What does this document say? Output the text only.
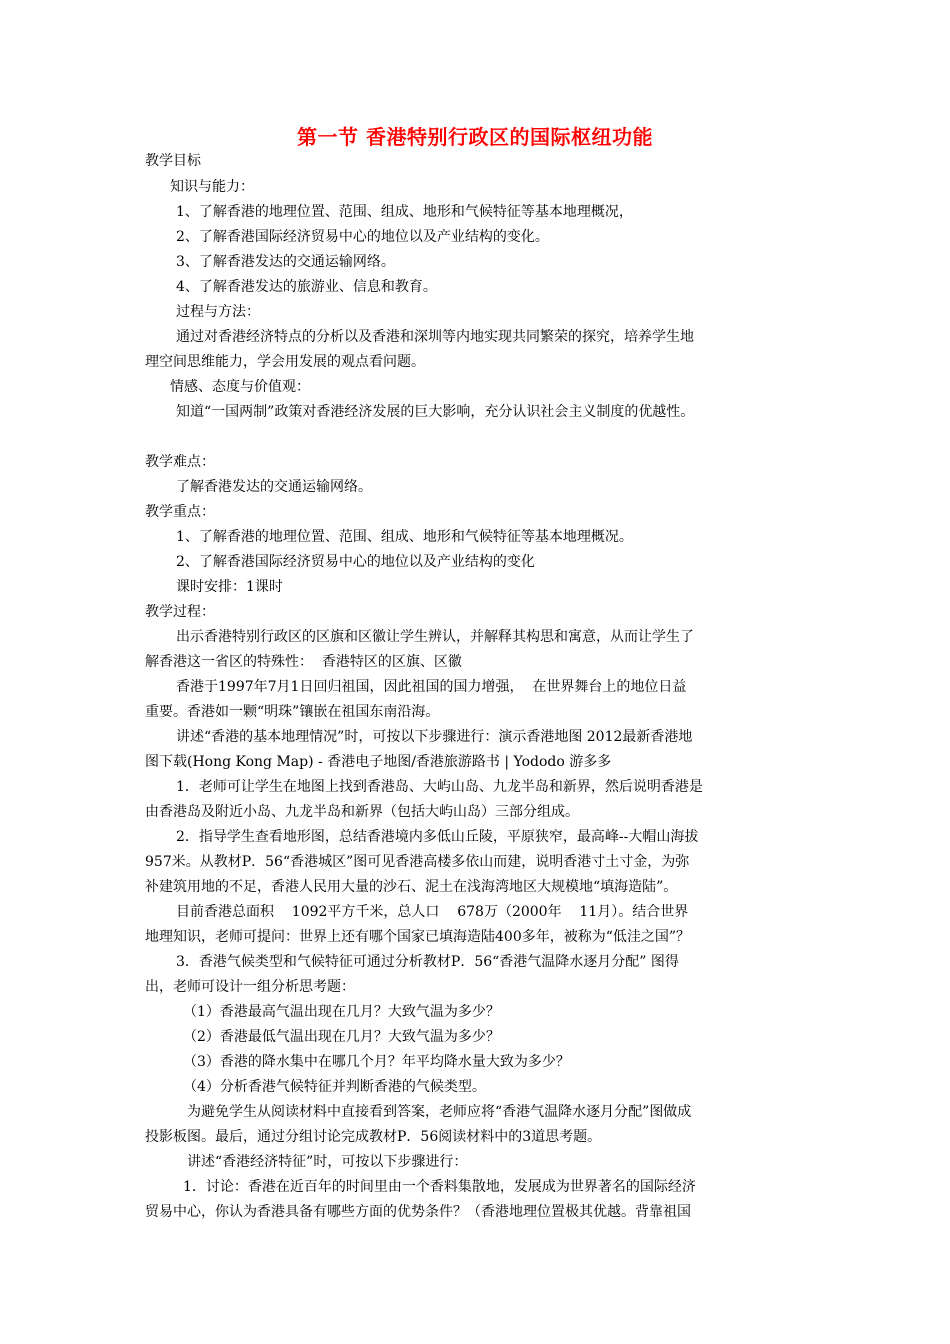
第一节 香港特别行政区的国际枢纽功能
教学目标
知识与能力：
1、了解香港的地理位置、范围、组成、地形和气候特征等基本地理概况，
2、了解香港国际经济贸易中心的地位以及产业结构的变化。
3、了解香港发达的交通运输网络。
4、了解香港发达的旅游业、信息和教育。
过程与方法：
通过对香港经济特点的分析以及香港和深圳等内地实现共同繁荣的探究，培养学生地
理空间思维能力，学会用发展的观点看问题。
情感、态度与价值观：
知道“一国两制”政策对香港经济发展的巨大影响，充分认识社会主义制度的优越性。
教学难点：
了解香港发达的交通运输网络。
教学重点：
1、了解香港的地理位置、范围、组成、地形和气候特征等基本地理概况。
2、了解香港国际经济贸易中心的地位以及产业结构的变化
课时安排：1课时
教学过程：
出示香港特别行政区的区旗和区徽让学生辨认，并解释其构思和寓意，从而让学生了
解香港这一省区的特殊性：  香港特区的区旗、区徽
香港于1997年7月1日回归祖国，因此祖国的国力增强，  在世界舞台上的地位日益
重要。香港如一颗“明珠”镶嵌在祖国东南沿海。
讲述“香港的基本地理情况”时，可按以下步骤进行：演示香港地图 2012最新香港地
图下载(Hong Kong Map) - 香港电子地图/香港旅游路书 | Yododo 游多多
1．老师可让学生在地图上找到香港岛、大屿山岛、九龙半岛和新界，然后说明香港是
由香港岛及附近小岛、九龙半岛和新界（包括大屿山岛）三部分组成。
2．指导学生查看地形图，总结香港境内多低山丘陵，平原狭窄，最高峰--大帽山海拔
957米。从教材P．56“香港城区”图可见香港高楼多依山而建，说明香港寸土寸金，为弥
补建筑用地的不足，香港人民用大量的沙石、泥土在浅海湾地区大规模地“填海造陆”。
目前香港总面积    1092平方千米，总人口    678万（2000年    11月）。结合世界
地理知识，老师可提问：世界上还有哪个国家已填海造陆400多年，被称为“低洼之国”？
3．香港气候类型和气候特征可通过分析教材P．56“香港气温降水逐月分配” 图得
出，老师可设计一组分析思考题：
（1）香港最高气温出现在几月？大致气温为多少？
（2）香港最低气温出现在几月？大致气温为多少？
（3）香港的降水集中在哪几个月？年平均降水量大致为多少？
（4）分析香港气候特征并判断香港的气候类型。
为避免学生从阅读材料中直接看到答案，老师应将“香港气温降水逐月分配”图做成
投影板图。最后，通过分组讨论完成教材P．56阅读材料中的3道思考题。
讲述“香港经济特征”时，可按以下步骤进行：
1．讨论：香港在近百年的时间里由一个香料集散地，发展成为世界著名的国际经济
贸易中心，你认为香港具备有哪些方面的优势条件？（香港地理位置极其优越。背靠祖国
